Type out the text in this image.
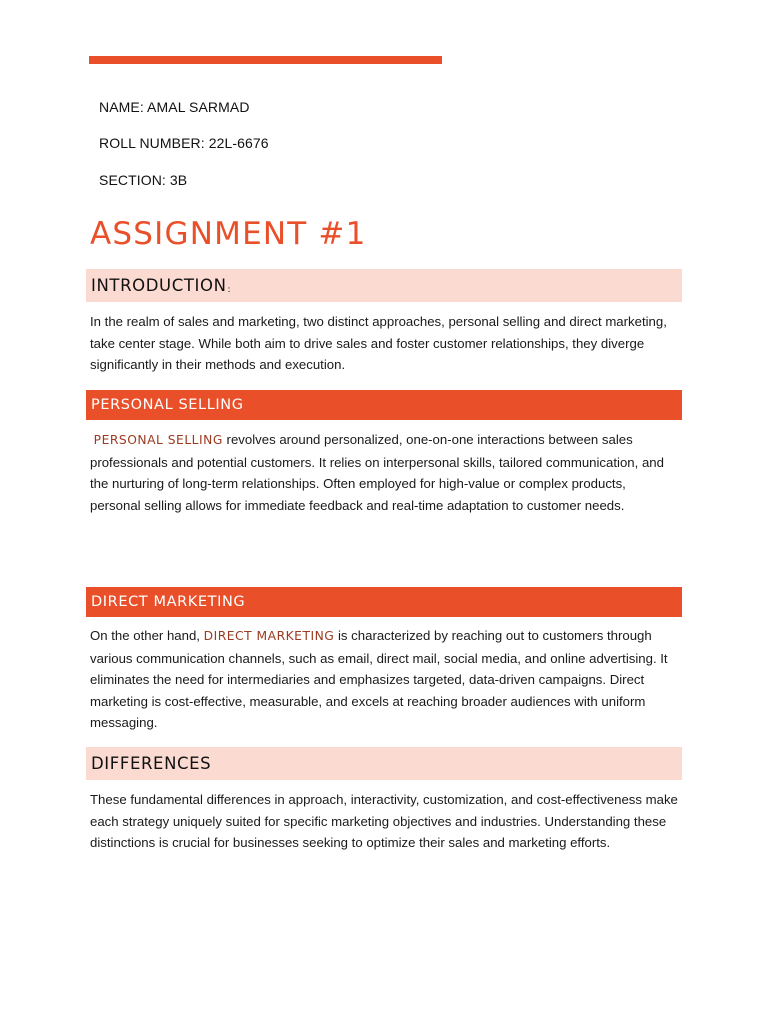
NAME: AMAL SARMAD
ROLL NUMBER: 22L-6676
SECTION: 3B
ASSIGNMENT #1
INTRODUCTION :

In the realm of sales and marketing, two distinct approaches, personal selling and direct marketing, take center stage. While both aim to drive sales and foster customer relationships, they diverge significantly in their methods and execution.

PERSONAL SELLING

PERSONAL SELLING revolves around personalized, one-on-one interactions between sales professionals and potential customers. It relies on interpersonal skills, tailored communication, and the nurturing of long-term relationships. Often employed for high-value or complex products, personal selling allows for immediate feedback and real-time adaptation to customer needs.

DIRECT MARKETING

On the other hand, DIRECT MARKETING is characterized by reaching out to customers through various communication channels, such as email, direct mail, social media, and online advertising. It eliminates the need for intermediaries and emphasizes targeted, data-driven campaigns. Direct marketing is cost-effective, measurable, and excels at reaching broader audiences with uniform messaging.

DIFFERENCES

These fundamental differences in approach, interactivity, customization, and cost-effectiveness make each strategy uniquely suited for specific marketing objectives and industries. Understanding these distinctions is crucial for businesses seeking to optimize their sales and marketing efforts.
